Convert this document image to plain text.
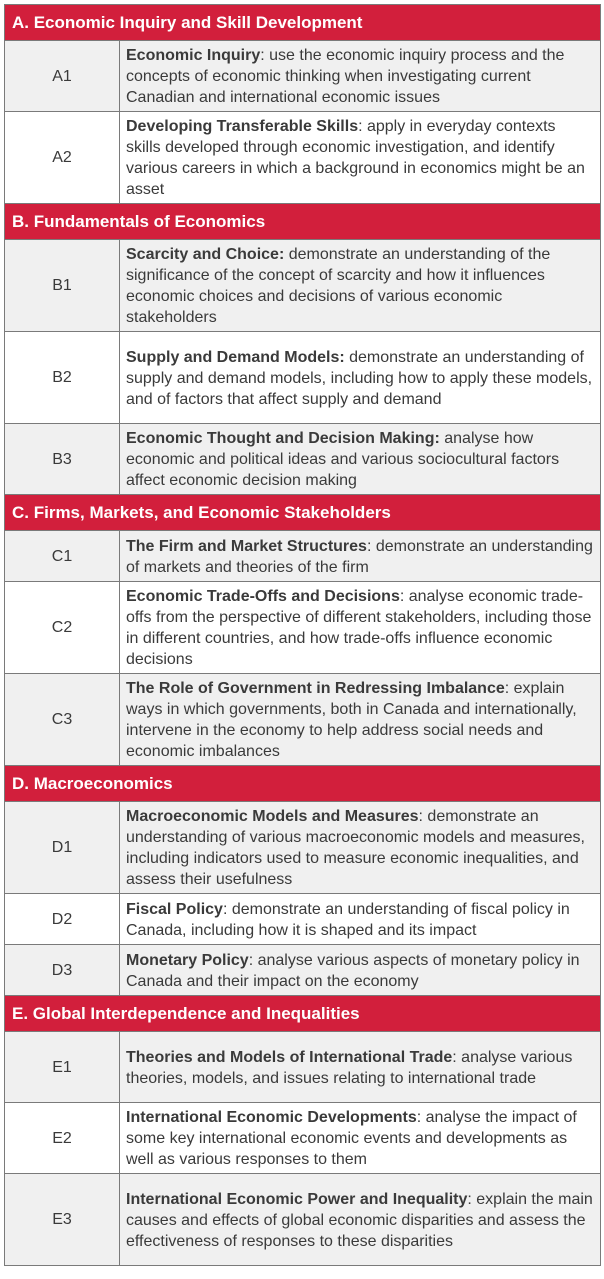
A. Economic Inquiry and Skill Development	
A1	Economic Inquiry: use the economic inquiry process and the concepts of economic thinking when investigating current Canadian and international economic issues
A2	Developing Transferable Skills: apply in everyday contexts skills developed through economic investigation, and identify various careers in which a background in economics might be an asset
B. Fundamentals of Economics	
B1	Scarcity and Choice: demonstrate an understanding of the significance of the concept of scarcity and how it influences economic choices and decisions of various economic stakeholders
B2	Supply and Demand Models: demonstrate an understanding of supply and demand models, including how to apply these models, and of factors that affect supply and demand
B3	Economic Thought and Decision Making: analyse how economic and political ideas and various sociocultural factors affect economic decision making
C. Firms, Markets, and Economic Stakeholders	
C1	The Firm and Market Structures: demonstrate an understanding of markets and theories of the firm
C2	Economic Trade-Offs and Decisions: analyse economic trade-offs from the perspective of different stakeholders, including those in different countries, and how trade-offs influence economic decisions
C3	The Role of Government in Redressing Imbalance: explain ways in which governments, both in Canada and internationally, intervene in the economy to help address social needs and economic imbalances
D. Macroeconomics	
D1	Macroeconomic Models and Measures: demonstrate an understanding of various macroeconomic models and measures, including indicators used to measure economic inequalities, and assess their usefulness
D2	Fiscal Policy: demonstrate an understanding of fiscal policy in Canada, including how it is shaped and its impact
D3	Monetary Policy: analyse various aspects of monetary policy in Canada and their impact on the economy
E. Global Interdependence and Inequalities	
E1	Theories and Models of International Trade: analyse various theories, models, and issues relating to international trade
E2	International Economic Developments: analyse the impact of some key international economic events and developments as well as various responses to them
E3	International Economic Power and Inequality: explain the main causes and effects of global economic disparities and assess the effectiveness of responses to these disparities
